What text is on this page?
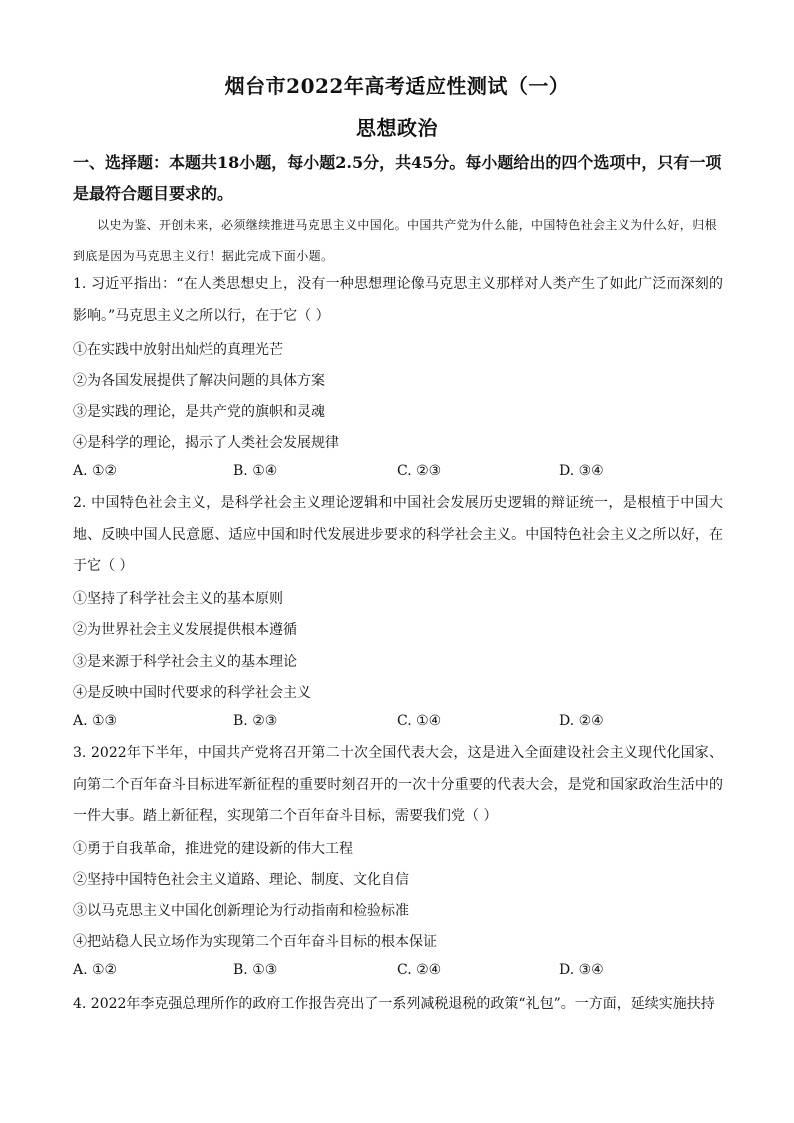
烟台市2022年高考适应性测试（一）
思想政治
一、选择题：本题共18小题，每小题2.5分，共45分。每小题给出的四个选项中，只有一项是最符合题目要求的。
以史为鉴、开创未来，必须继续推进马克思主义中国化。中国共产党为什么能，中国特色社会主义为什么好，归根到底是因为马克思主义行！据此完成下面小题。
1. 习近平指出：“在人类思想史上，没有一种思想理论像马克思主义那样对人类产生了如此广泛而深刻的影响。”马克思主义之所以行，在于它（ ）
①在实践中放射出灿烂的真理光芒
②为各国发展提供了解决问题的具体方案
③是实践的理论，是共产党的旗帜和灵魂
④是科学的理论，揭示了人类社会发展规律
A. ①②	B. ①④	C. ②③	D. ③④
2. 中国特色社会主义，是科学社会主义理论逻辑和中国社会发展历史逻辑的辩证统一，是根植于中国大地、反映中国人民意愿、适应中国和时代发展进步要求的科学社会主义。中国特色社会主义之所以好，在于它（ ）
①坚持了科学社会主义的基本原则
②为世界社会主义发展提供根本遵循
③是来源于科学社会主义的基本理论
④是反映中国时代要求的科学社会主义
A. ①③	B. ②③	C. ①④	D. ②④
3. 2022年下半年，中国共产党将召开第二十次全国代表大会，这是进入全面建设社会主义现代化国家、向第二个百年奋斗目标进军新征程的重要时刻召开的一次十分重要的代表大会，是党和国家政治生活中的一件大事。踏上新征程，实现第二个百年奋斗目标，需要我们党（ ）
①勇于自我革命，推进党的建设新的伟大工程
②坚持中国特色社会主义道路、理论、制度、文化自信
③以马克思主义中国化创新理论为行动指南和检验标准
④把站稳人民立场作为实现第二个百年奋斗目标的根本保证
A. ①②	B. ①③	C. ②④	D. ③④
4. 2022年李克强总理所作的政府工作报告亮出了一系列减税退税的政策“礼包”。一方面，延续实施扶持
